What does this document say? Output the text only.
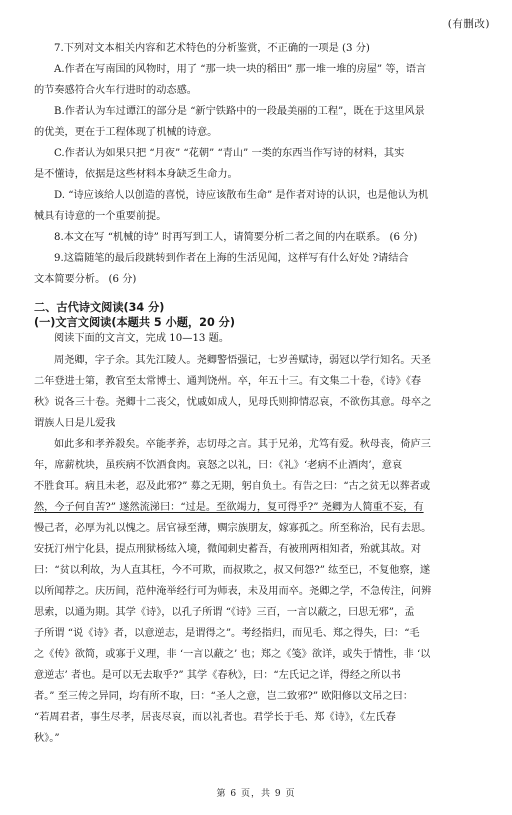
(有删改)
7.下列对文本相关内容和艺术特色的分析鉴赏，不正确的一项是 (3 分)
A.作者在写南国的风物时，用了 “那一块一块的稻田” 那一堆一堆的房屋” 等，语言
的节奏感符合火车行进时的动态感。
B.作者认为车过谭江的部分是 “新宁铁路中的一段最美丽的工程”，既在于这里风景
的优美，更在于工程体现了机械的诗意。
C.作者认为如果只把 “月夜” “花朝” “青山” 一类的东西当作写诗的材料，其实
是不懂诗，依据是这些材料本身缺乏生命力。
D. “诗应该给人以创造的喜悦，诗应该散布生命” 是作者对诗的认识，也是他认为机
械具有诗意的一个重要前提。
8.本文在写 “机械的诗” 时再写到工人，请简要分析二者之间的内在联系。 (6 分)
9.这篇随笔的最后段跳转到作者在上海的生活见闻，这样写有什么好处 ?请结合
文本简要分析。 (6 分)
二、古代诗文阅读(34 分)
(一)文言文阅读(本题共 5 小题，20 分)
阅读下面的文言文，完成 10—13 题。
周尧卿，字子余。其先江陵人。尧卿警悟强记，七岁善赋诗，弱冠以学行知名。天圣
二年登进士第，教官至太常博士、通判饶州。卒，年五十三。有文集二十卷，《诗》《春
秋》说各三十卷。尧卿十二丧父，忧戚如成人，见母氏则抑情忍哀，不欲伤其意。母卒之
谓族人日是儿爱我
如此多和孝养殺矣。卒能孝养，志切母之言。其于兄弟，尤笃有爱。秋母丧，倚庐三
年，席薪枕块，虽疾病不饮酒食肉。哀怒之以礼，曰：《礼》‘老病不止酒肉’，意哀
不胜食耳。病且未老，忍及此邪?” 募之无期，躬自负土。有告之曰：“古之贫无以葬者或
然，今子何自苦?” 遂然流涕曰：“过是。至欲竭力，复可得乎?” 尧卿为人简重不妄，有
慢己者，必厚为礼以愧之。居官禄至薄，赒宗族朋友，嫁寡孤之。所至称治，民有去思。
安抚汀州宁化县，提点刑狱杨纮入境，微闻刺史蓄吾，有被刑两相知者，殆就其故。对
曰：“贫以利故，为人直其枉，今不可欺，而叔欺之，叔又何怨?” 纮至已，不复他察，遂
以所闻荐之。庆历间，范仲淹举经行可为师表，未及用而卒。尧卿之学，不急传注，问辨
思索，以通为期。其学《诗》，以孔子所谓 “《诗》三百，一言以蔽之，曰思无邪”，孟
子所谓 “说《诗》者，以意逆志，是谓得之”。考经指归，而见毛、郑之得失，曰：“毛
之《传》欲简，或寡于义理，非 ‘一言以蔽之’ 也；郑之《笺》欲详，或失于情性，非 ‘以
意逆志’ 者也。是可以无去取乎?” 其学《春秋》，曰：“左氏记之详，得经之所以书
者。” 至三传之异同，均有所不取，曰：“圣人之意，岂二致邪?” 欧阳修以文吊之曰：
“若周君者，事生尽孝，居丧尽哀，而以礼者也。君学长于毛、郑《诗》，《左氏春
秋》。”
第 6 页，共 9 页
